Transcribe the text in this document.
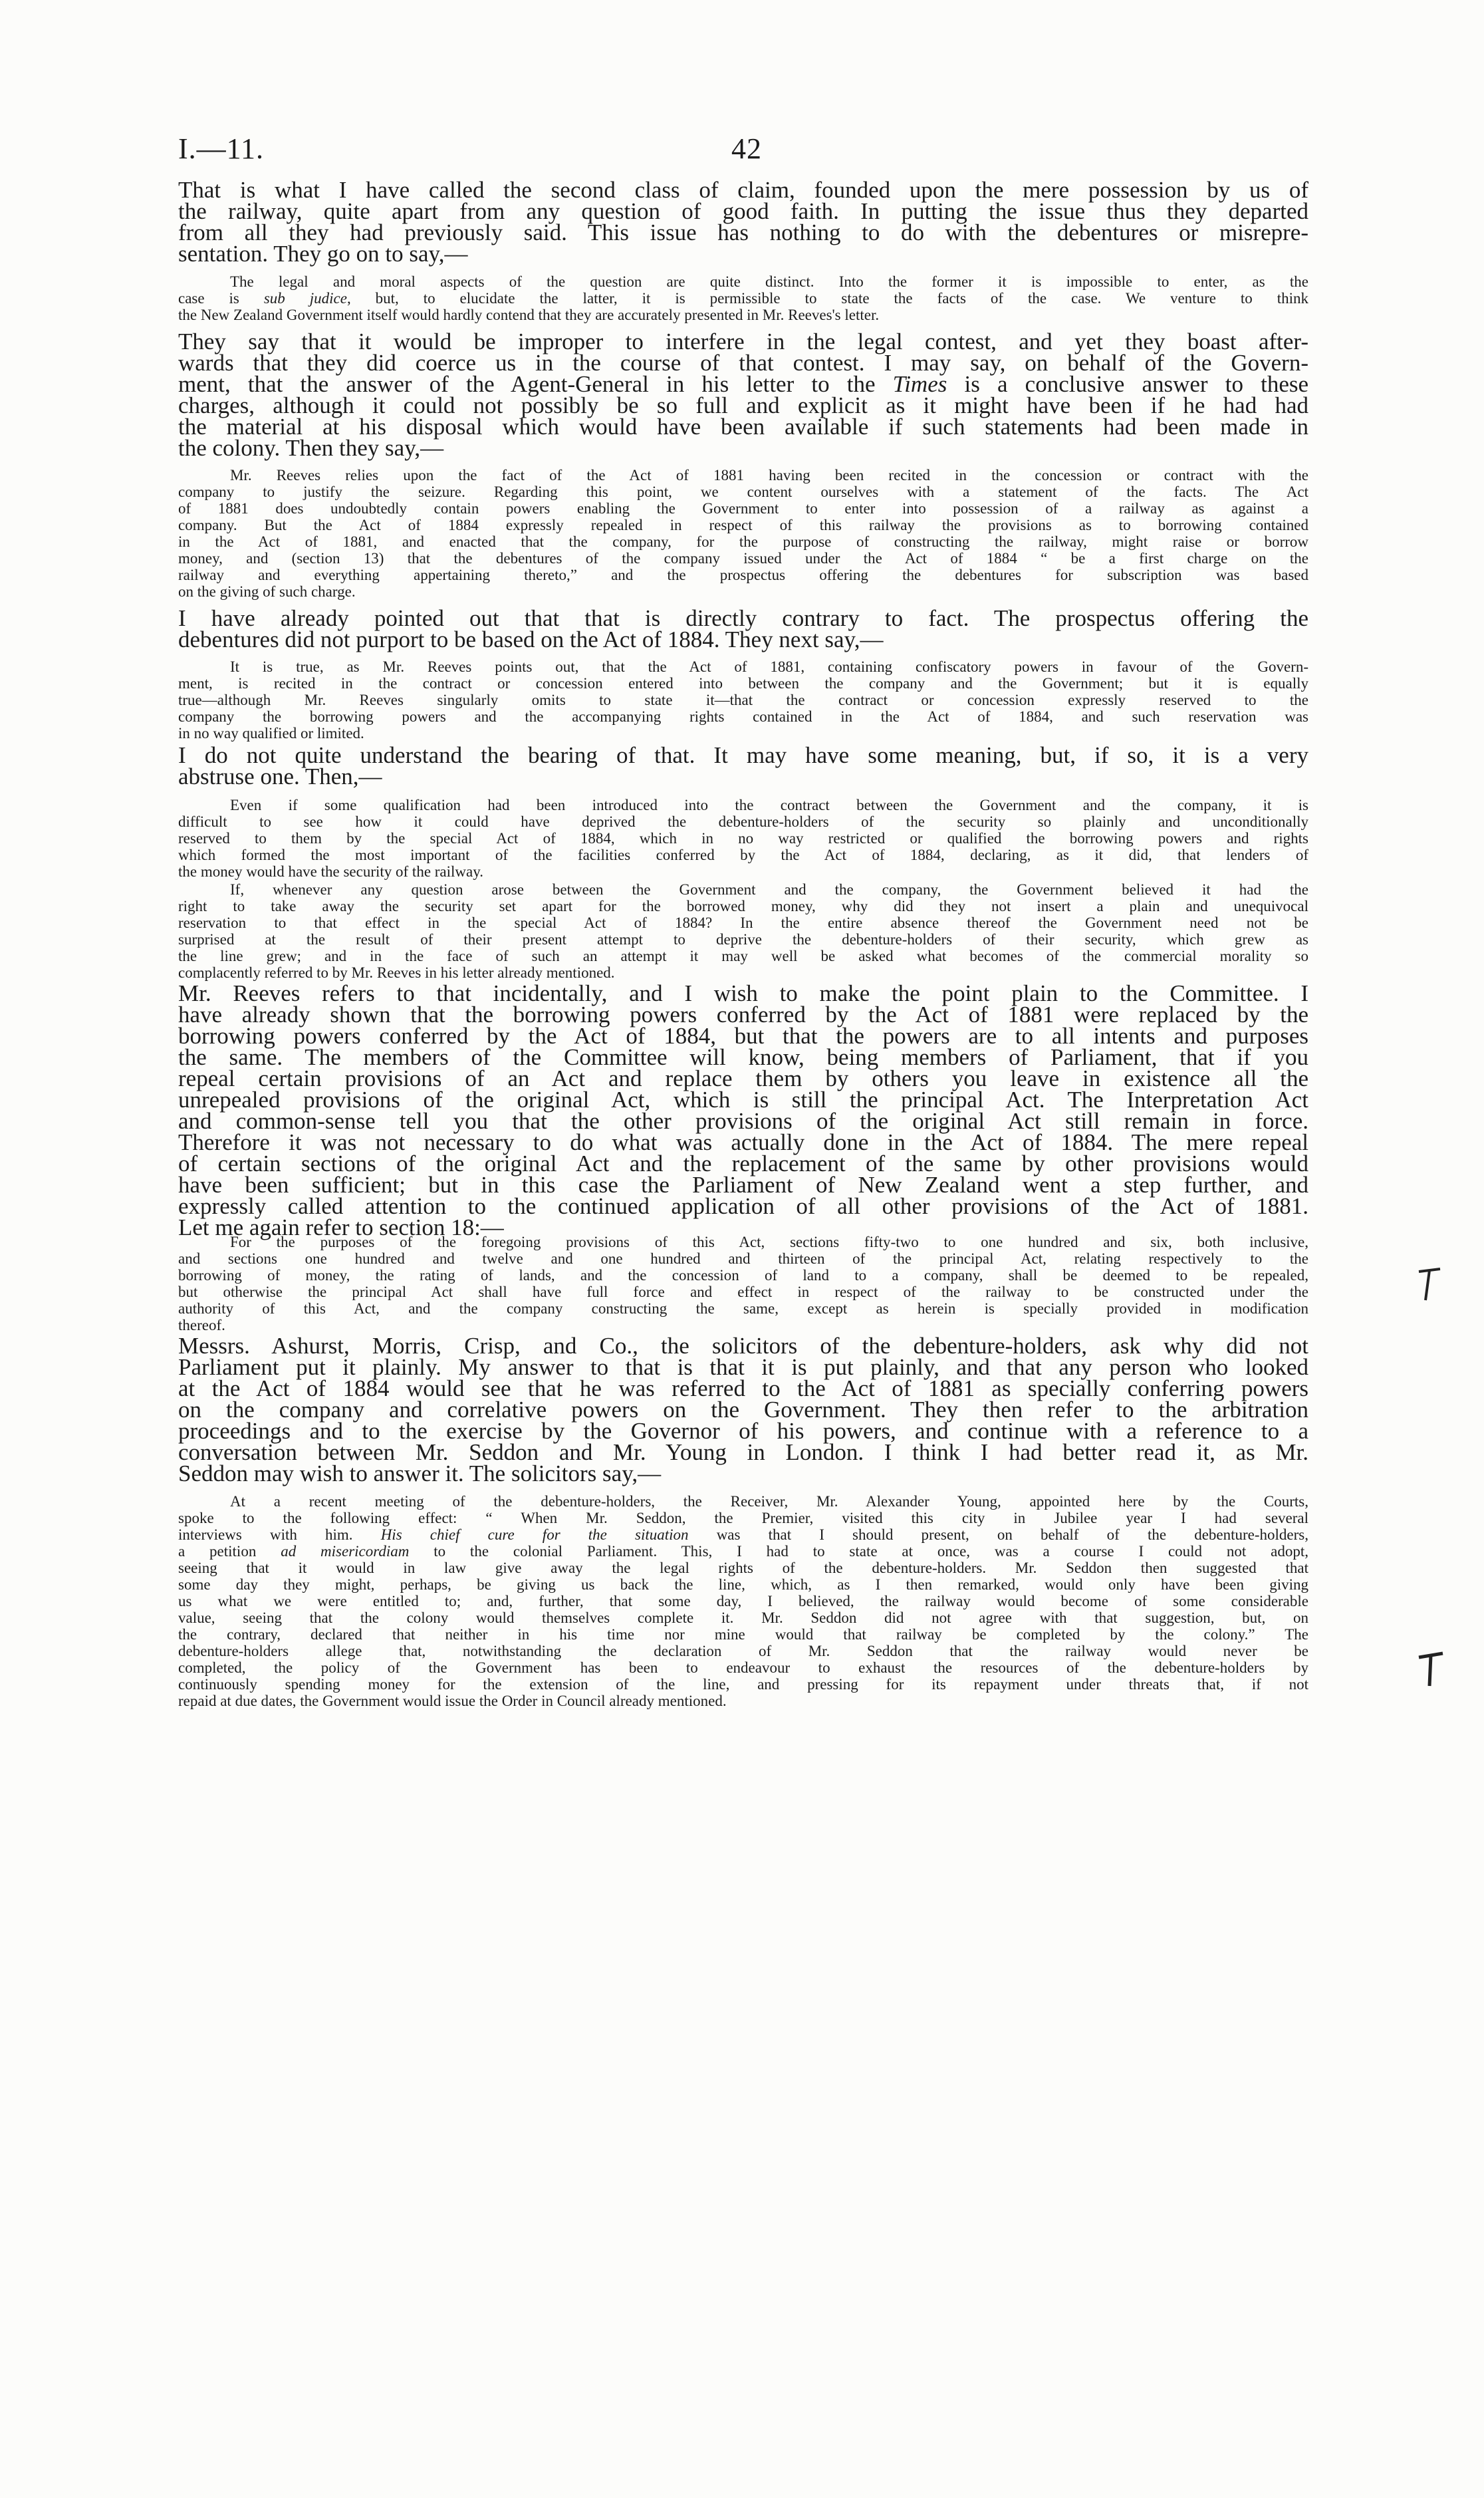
I.—11.	42

That is what I have called the second class of claim, founded upon the mere possession by us of

the railway, quite apart from any question of good faith. In putting the issue thus they departed

from all they had previously said. This issue has nothing to do with the debentures or misrepre-

sentation. They go on to say,—

The legal and moral aspects of the question are quite distinct. Into the former it is impossible to enter, as the

case is sub judice, but, to elucidate the latter, it is permissible to state the facts of the case. We venture to think

the New Zealand Government itself would hardly contend that they are accurately presented in Mr. Reeves's letter.

They say that it would be improper to interfere in the legal contest, and yet they boast after-

wards that they did coerce us in the course of that contest. I may say, on behalf of the Govern-

ment, that the answer of the Agent-General in his letter to the Times is a conclusive answer to these

charges, although it could not possibly be so full and explicit as it might have been if he had had

the material at his disposal which would have been available if such statements had been made in

the colony. Then they say,—

Mr. Reeves relies upon the fact of the Act of 1881 having been recited in the concession or contract with the

company to justify the seizure. Regarding this point, we content ourselves with a statement of the facts. The Act

of 1881 does undoubtedly contain powers enabling the Government to enter into possession of a railway as against a

company. But the Act of 1884 expressly repealed in respect of this railway the provisions as to borrowing contained

in the Act of 1881, and enacted that the company, for the purpose of constructing the railway, might raise or borrow

money, and (section 13) that the debentures of the company issued under the Act of 1884 “ be a first charge on the

railway and everything appertaining thereto,” and the prospectus offering the debentures for subscription was based

on the giving of such charge.

I have already pointed out that that is directly contrary to fact. The prospectus offering the

debentures did not purport to be based on the Act of 1884. They next say,—

It is true, as Mr. Reeves points out, that the Act of 1881, containing confiscatory powers in favour of the Govern-

ment, is recited in the contract or concession entered into between the company and the Government; but it is equally

true—although Mr. Reeves singularly omits to state it—that the contract or concession expressly reserved to the

company the borrowing powers and the accompanying rights contained in the Act of 1884, and such reservation was

in no way qualified or limited.

I do not quite understand the bearing of that. It may have some meaning, but, if so, it is a very

abstruse one. Then,—

Even if some qualification had been introduced into the contract between the Government and the company, it is

difficult to see how it could have deprived the debenture-holders of the security so plainly and unconditionally

reserved to them by the special Act of 1884, which in no way restricted or qualified the borrowing powers and rights

which formed the most important of the facilities conferred by the Act of 1884, declaring, as it did, that lenders of

the money would have the security of the railway.

If, whenever any question arose between the Government and the company, the Government believed it had the

right to take away the security set apart for the borrowed money, why did they not insert a plain and unequivocal

reservation to that effect in the special Act of 1884? In the entire absence thereof the Government need not be

surprised at the result of their present attempt to deprive the debenture-holders of their security, which grew as

the line grew; and in the face of such an attempt it may well be asked what becomes of the commercial morality so

complacently referred to by Mr. Reeves in his letter already mentioned.

Mr. Reeves refers to that incidentally, and I wish to make the point plain to the Committee. I

have already shown that the borrowing powers conferred by the Act of 1881 were replaced by the

borrowing powers conferred by the Act of 1884, but that the powers are to all intents and purposes

the same. The members of the Committee will know, being members of Parliament, that if you

repeal certain provisions of an Act and replace them by others you leave in existence all the

unrepealed provisions of the original Act, which is still the principal Act. The Interpretation Act

and common-sense tell you that the other provisions of the original Act still remain in force.

Therefore it was not necessary to do what was actually done in the Act of 1884. The mere repeal

of certain sections of the original Act and the replacement of the same by other provisions would

have been sufficient; but in this case the Parliament of New Zealand went a step further, and

expressly called attention to the continued application of all other provisions of the Act of 1881.

Let me again refer to section 18:—

For the purposes of the foregoing provisions of this Act, sections fifty-two to one hundred and six, both inclusive,

and sections one hundred and twelve and one hundred and thirteen of the principal Act, relating respectively to the

borrowing of money, the rating of lands, and the concession of land to a company, shall be deemed to be repealed,

but otherwise the principal Act shall have full force and effect in respect of the railway to be constructed under the

authority of this Act, and the company constructing the same, except as herein is specially provided in modification

thereof.

Messrs. Ashurst, Morris, Crisp, and Co., the solicitors of the debenture-holders, ask why did not

Parliament put it plainly. My answer to that is that it is put plainly, and that any person who looked

at the Act of 1884 would see that he was referred to the Act of 1881 as specially conferring powers

on the company and correlative powers on the Government. They then refer to the arbitration

proceedings and to the exercise by the Governor of his powers, and continue with a reference to a

conversation between Mr. Seddon and Mr. Young in London. I think I had better read it, as Mr.

Seddon may wish to answer it. The solicitors say,—

At a recent meeting of the debenture-holders, the Receiver, Mr. Alexander Young, appointed here by the Courts,

spoke to the following effect: “ When Mr. Seddon, the Premier, visited this city in Jubilee year I had several

interviews with him. His chief cure for the situation was that I should present, on behalf of the debenture-holders,

a petition ad misericordiam to the colonial Parliament. This, I had to state at once, was a course I could not adopt,

seeing that it would in law give away the legal rights of the debenture-holders. Mr. Seddon then suggested that

some day they might, perhaps, be giving us back the line, which, as I then remarked, would only have been giving

us what we were entitled to; and, further, that some day, I believed, the railway would become of some considerable

value, seeing that the colony would themselves complete it. Mr. Seddon did not agree with that suggestion, but, on

the contrary, declared that neither in his time nor mine would that railway be completed by the colony.” The

debenture-holders allege that, notwithstanding the declaration of Mr. Seddon that the railway would never be

completed, the policy of the Government has been to endeavour to exhaust the resources of the debenture-holders by

continuously spending money for the extension of the line, and pressing for its repayment under threats that, if not

repaid at due dates, the Government would issue the Order in Council already mentioned.
